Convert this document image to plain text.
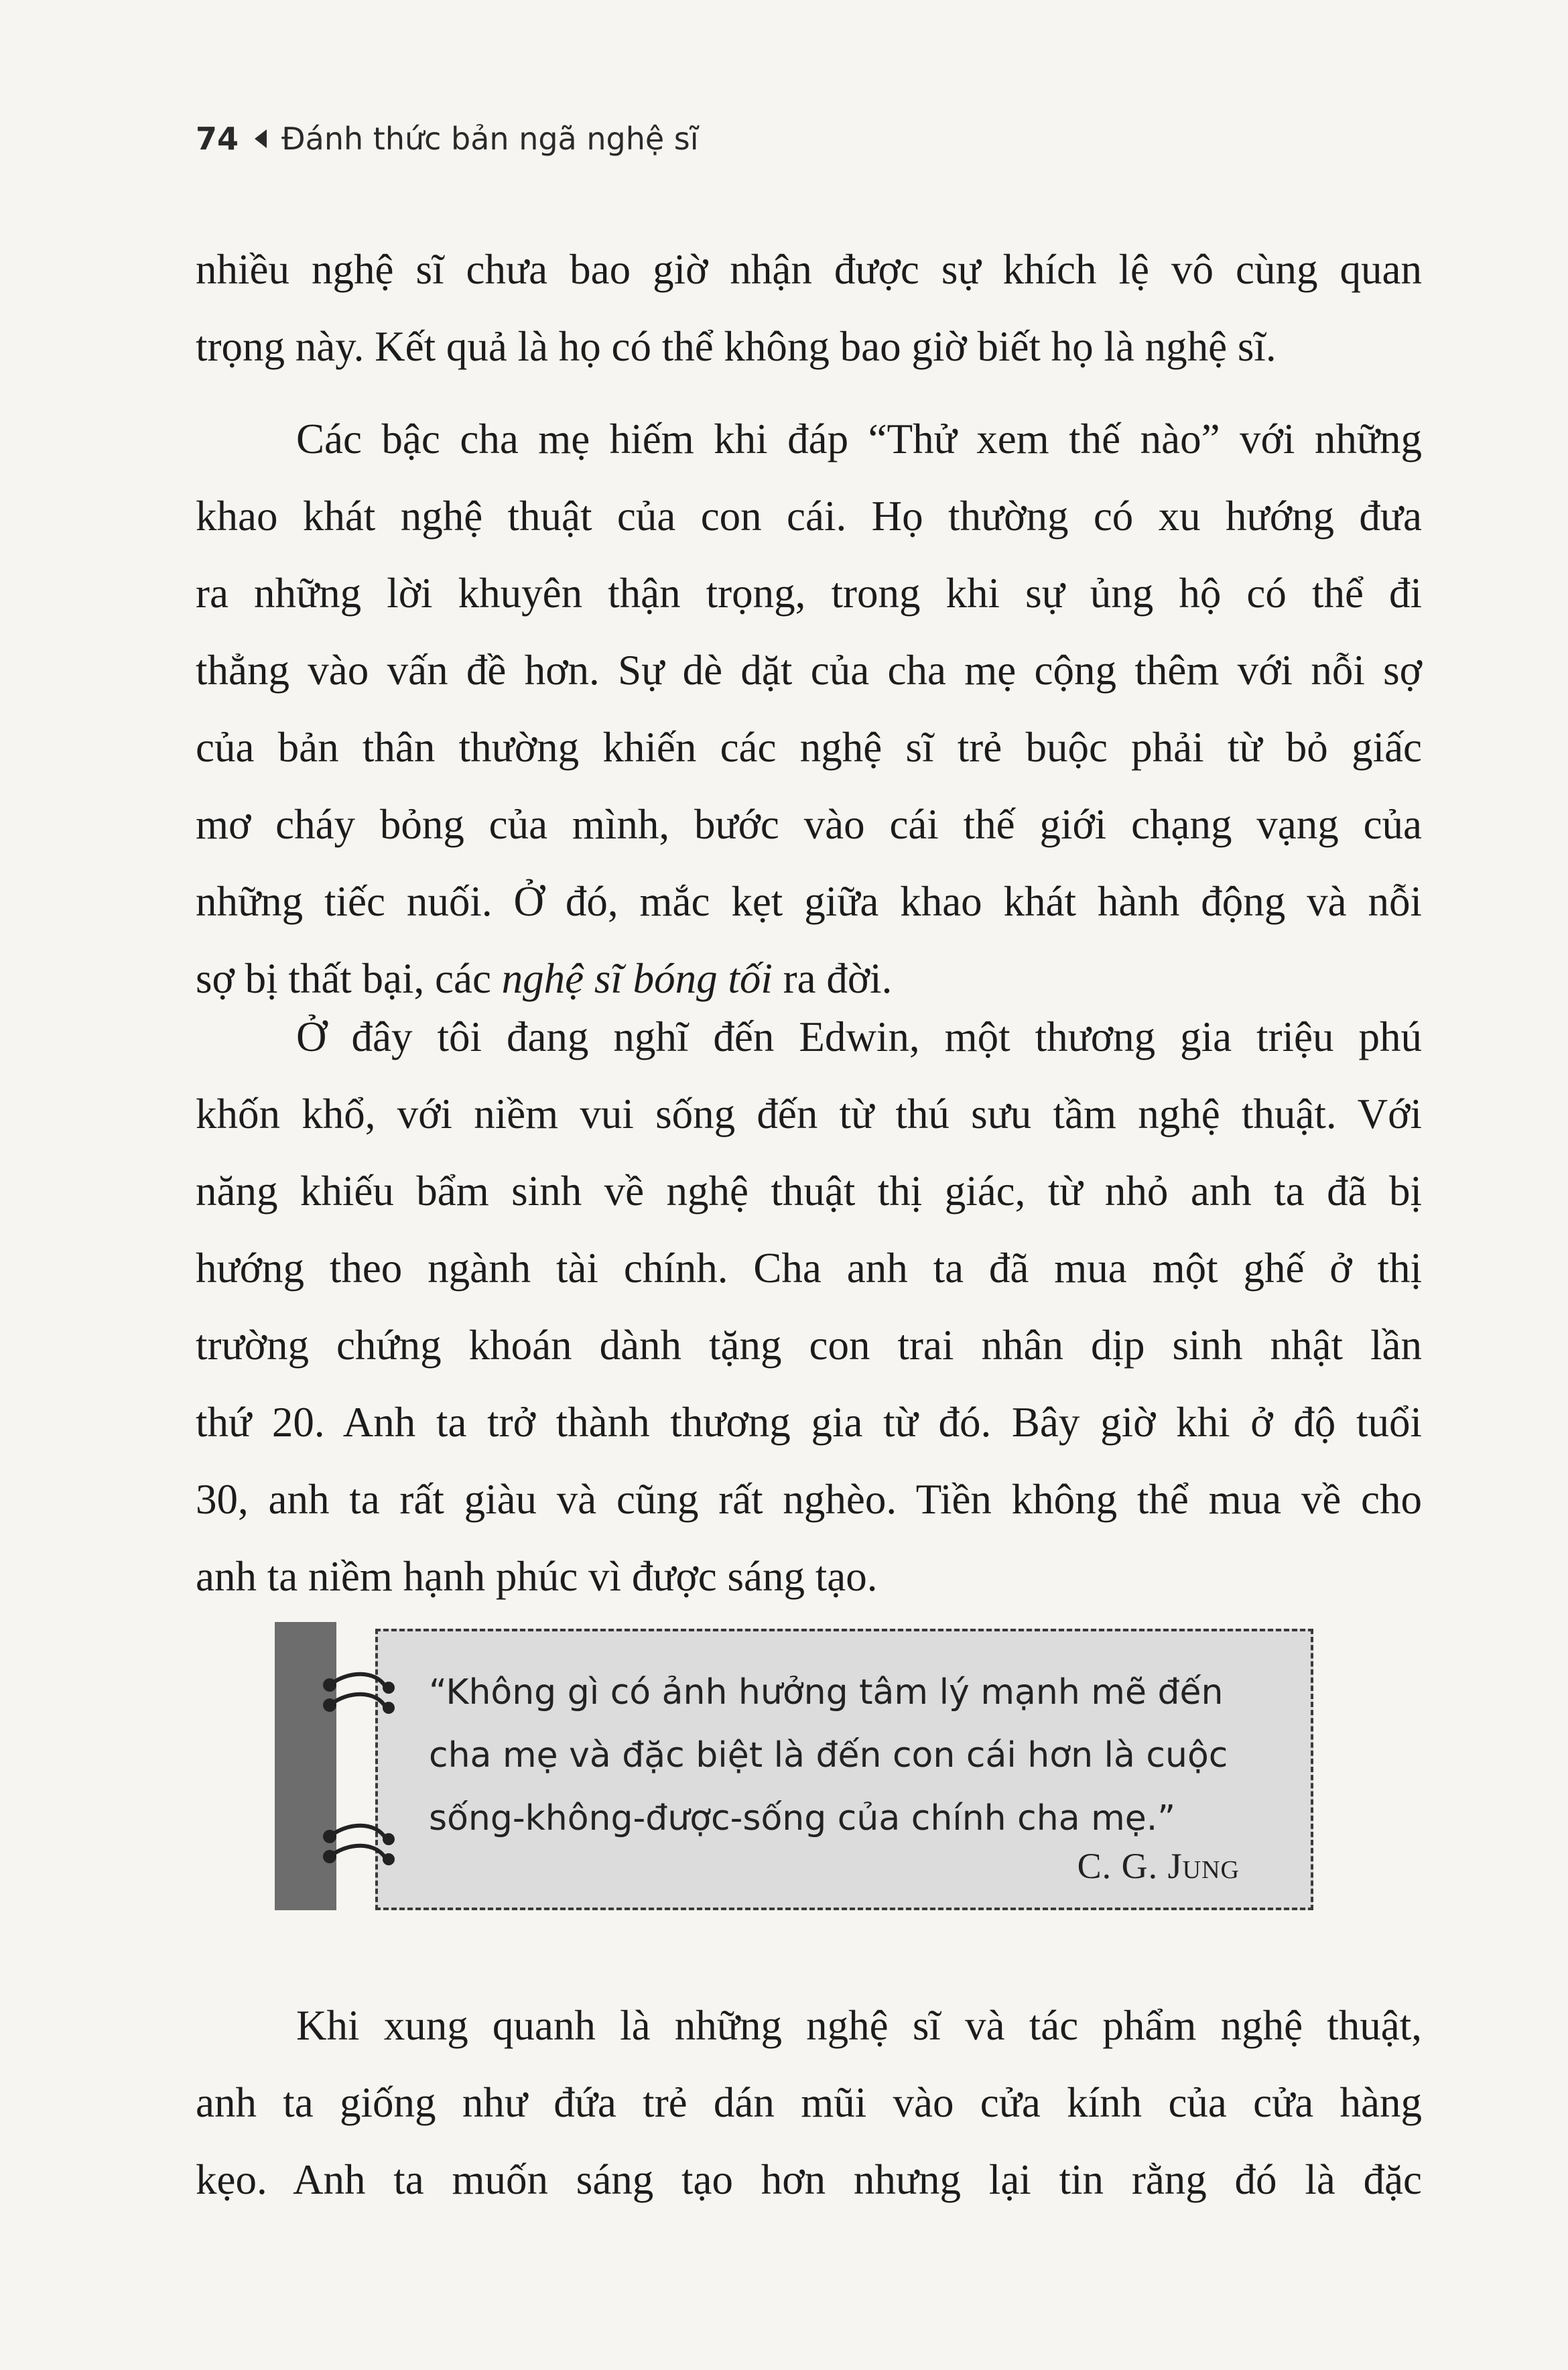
74 Đánh thức bản ngã nghệ sĩ

nhiều nghệ sĩ chưa bao giờ nhận được sự khích lệ vô cùng quan
trọng này. Kết quả là họ có thể không bao giờ biết họ là nghệ sĩ.

Các bậc cha mẹ hiếm khi đáp “Thử xem thế nào” với những
khao khát nghệ thuật của con cái. Họ thường có xu hướng đưa
ra những lời khuyên thận trọng, trong khi sự ủng hộ có thể đi
thẳng vào vấn đề hơn. Sự dè dặt của cha mẹ cộng thêm với nỗi sợ
của bản thân thường khiến các nghệ sĩ trẻ buộc phải từ bỏ giấc
mơ cháy bỏng của mình, bước vào cái thế giới chạng vạng của
những tiếc nuối. Ở đó, mắc kẹt giữa khao khát hành động và nỗi
sợ bị thất bại, các nghệ sĩ bóng tối ra đời.

Ở đây tôi đang nghĩ đến Edwin, một thương gia triệu phú
khốn khổ, với niềm vui sống đến từ thú sưu tầm nghệ thuật. Với
năng khiếu bẩm sinh về nghệ thuật thị giác, từ nhỏ anh ta đã bị
hướng theo ngành tài chính. Cha anh ta đã mua một ghế ở thị
trường chứng khoán dành tặng con trai nhân dịp sinh nhật lần
thứ 20. Anh ta trở thành thương gia từ đó. Bây giờ khi ở độ tuổi
30, anh ta rất giàu và cũng rất nghèo. Tiền không thể mua về cho
anh ta niềm hạnh phúc vì được sáng tạo.

“Không gì có ảnh hưởng tâm lý mạnh mẽ đến
cha mẹ và đặc biệt là đến con cái hơn là cuộc
sống-không-được-sống của chính cha mẹ.”
C. G. Jung

Khi xung quanh là những nghệ sĩ và tác phẩm nghệ thuật,
anh ta giống như đứa trẻ dán mũi vào cửa kính của cửa hàng
kẹo. Anh ta muốn sáng tạo hơn nhưng lại tin rằng đó là đặc
